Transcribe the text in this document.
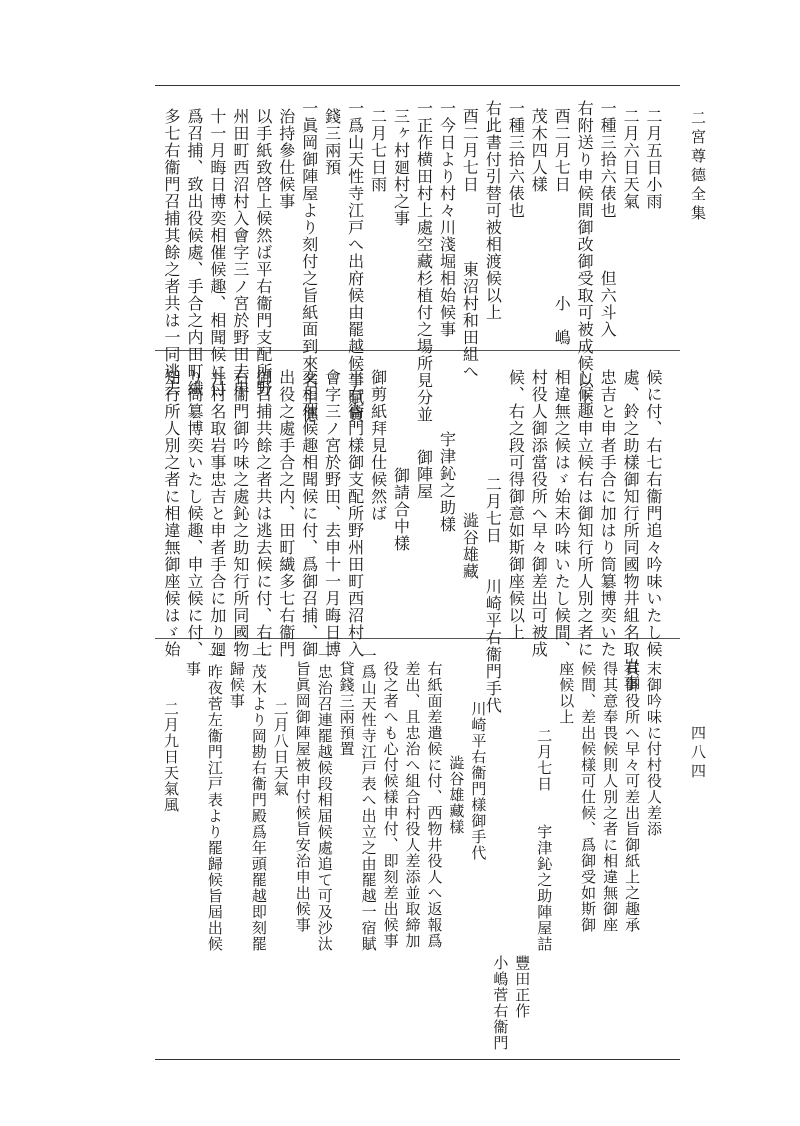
二宮尊德全集
四八四
二月五日小雨
二月六日天氣
一種三拾六俵也　　　但六斗入
右附送り申候間御改御受取可被成候以上
酉二月七日　　　　　　小　嶋
茂木四人樣
一種三拾六俵也
右此書付引替可被相渡候以上
酉二月七日　　　　東沼村和田組へ
一今日より村々川淺堀相始候事
一正作横田村上處空藏杉植付之場所見分並
三ヶ村廻村之事
二月七日雨
一爲山天性寺江戸へ出府候由罷越候事賦貸
錢三兩預
一眞岡御陣屋より刻付之旨紙面到來名主德
治持參仕候事
以手紙致啓上候然ば平右衞門支配所野
州田町西沼村入會字三ノ宮於野田去申
十一月晦日博奕相催候趣、相聞候に付
爲召捕、致出役候處、手合之内田町繊
多七右衞門召捕其餘之者共は一同逃去
候に付、右七右衞門追々吟味いたし候
處、鈴之助樣御知行所同國物井組名取岩事
忠吉と申者手合に加はり筒簒博奕いた
し候趣申立候右は御知行所人別之者に
相違無之候はゞ始末吟味いたし候間、
村役人御添當役所へ早々御差出可被成
候、右之段可得御意如斯御座候以上
二月七日　　川崎平右衞門手代
澁谷雄藏
宇津鈊之助樣
御陣屋
御請合中樣
御剪紙拜見仕候然ば
平右衞門樣御支配所野州田町西沼村入
會字三ノ宮於野田、去申十一月晦日博
奕相催候趣相聞候に付、爲御召捕、御
出役之處手合之内、田町繊多七右衞門
御召捕共餘之者共は逃去候に付、右七
右衞門御吟味之處鈊之助知行所同國物
井村名取岩事忠吉と申者手合に加り廻
り筒簒博奕いたし候趣、申立候に付、
知行所人別之者に相違無御座候はゞ始
末御吟味に付村役人差添
其御役所へ早々可差出旨御紙上之趣承
得其意奉畏候則人別之者に相違無御座
候間、差出候樣可仕候、爲御受如斯御
座候以上
二月七日　　宇津鈊之助陣屋詰
豐田正作
小嶋菅右衞門
川崎平右衞門樣御手代
澁谷雄藏樣
右紙面差遣候に付、西物井役人へ返報爲
差出、且忠治へ組合村役人差添並取締加
役之者へも心付候樣申付、即刻差出候事
一爲山天性寺江戸表へ出立之由罷越一宿賦
貸錢三兩預置
一忠治召連罷越候段相届候處追て可及沙汰
旨眞岡御陣屋被申付候旨安治申出候事
二月八日天氣
一茂木より岡勘右衞門殿爲年頭罷越即刻罷
歸候事
一昨夜菅左衞門江戸表より罷歸候旨屆出候
事
二月九日天氣風
